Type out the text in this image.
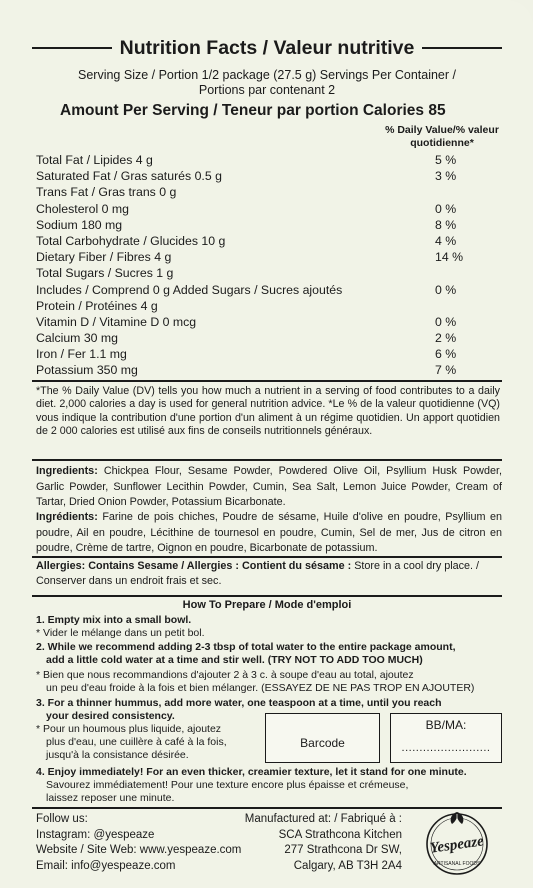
Nutrition Facts / Valeur nutritive
Serving Size / Portion 1/2 package (27.5 g) Servings Per Container /
Portions par contenant 2
Amount Per Serving / Teneur par portion Calories 85
% Daily Value/% valeur
quotidienne*
Total Fat / Lipides 4 g	5 %
Saturated Fat / Gras saturés 0.5 g	3 %
Trans Fat / Gras trans 0 g
Cholesterol 0 mg	0 %
Sodium 180 mg	8 %
Total Carbohydrate / Glucides 10 g	4 %
Dietary Fiber / Fibres 4 g	14 %
Total Sugars / Sucres 1 g
Includes / Comprend 0 g Added Sugars / Sucres ajoutés	0 %
Protein / Protéines 4 g
Vitamin D / Vitamine D 0 mcg	0 %
Calcium 30 mg	2 %
Iron / Fer 1.1 mg	6 %
Potassium 350 mg	7 %
*The % Daily Value (DV) tells you how much a nutrient in a serving of food contributes to a daily diet. 2,000 calories a day is used for general nutrition advice. *Le % de la valeur quotidienne (VQ) vous indique la contribution d'une portion d'un aliment à un régime quotidien. Un apport quotidien de 2 000 calories est utilisé aux fins de conseils nutritionnels généraux.
Ingredients: Chickpea Flour, Sesame Powder, Powdered Olive Oil, Psyllium Husk Powder, Garlic Powder, Sunflower Lecithin Powder, Cumin, Sea Salt, Lemon Juice Powder, Cream of Tartar, Dried Onion Powder, Potassium Bicarbonate.
Ingrédients: Farine de pois chiches, Poudre de sésame, Huile d'olive en poudre, Psyllium en poudre, Ail en poudre, Lécithine de tournesol en poudre, Cumin, Sel de mer, Jus de citron en poudre, Crème de tartre, Oignon en poudre, Bicarbonate de potassium.
Allergies: Contains Sesame / Allergies : Contient du sésame : Store in a cool dry place. / Conserver dans un endroit frais et sec.
How To Prepare / Mode d'emploi
1. Empty mix into a small bowl.
* Vider le mélange dans un petit bol.
2. While we recommend adding 2-3 tbsp of total water to the entire package amount,
add a little cold water at a time and stir well. (TRY NOT TO ADD TOO MUCH)
* Bien que nous recommandions d'ajouter 2 à 3 c. à soupe d'eau au total, ajoutez
un peu d'eau froide à la fois et bien mélanger. (ESSAYEZ DE NE PAS TROP EN AJOUTER)
3. For a thinner hummus, add more water, one teaspoon at a time, until you reach
your desired consistency.
* Pour un houmous plus liquide, ajoutez
plus d'eau, une cuillère à café à la fois,
jusqu'à la consistance désirée.
Barcode
BB/MA:
.........................
4. Enjoy immediately! For an even thicker, creamier texture, let it stand for one minute.
Savourez immédiatement! Pour une texture encore plus épaisse et crémeuse,
laissez reposer une minute.
Follow us:
Instagram: @yespeaze
Website / Site Web: www.yespeaze.com
Email: info@yespeaze.com
Manufactured at: / Fabriqué à :
SCA Strathcona Kitchen
277 Strathcona Dr SW,
Calgary, AB T3H 2A4
Yespeaze
ARTISANAL FOODS
